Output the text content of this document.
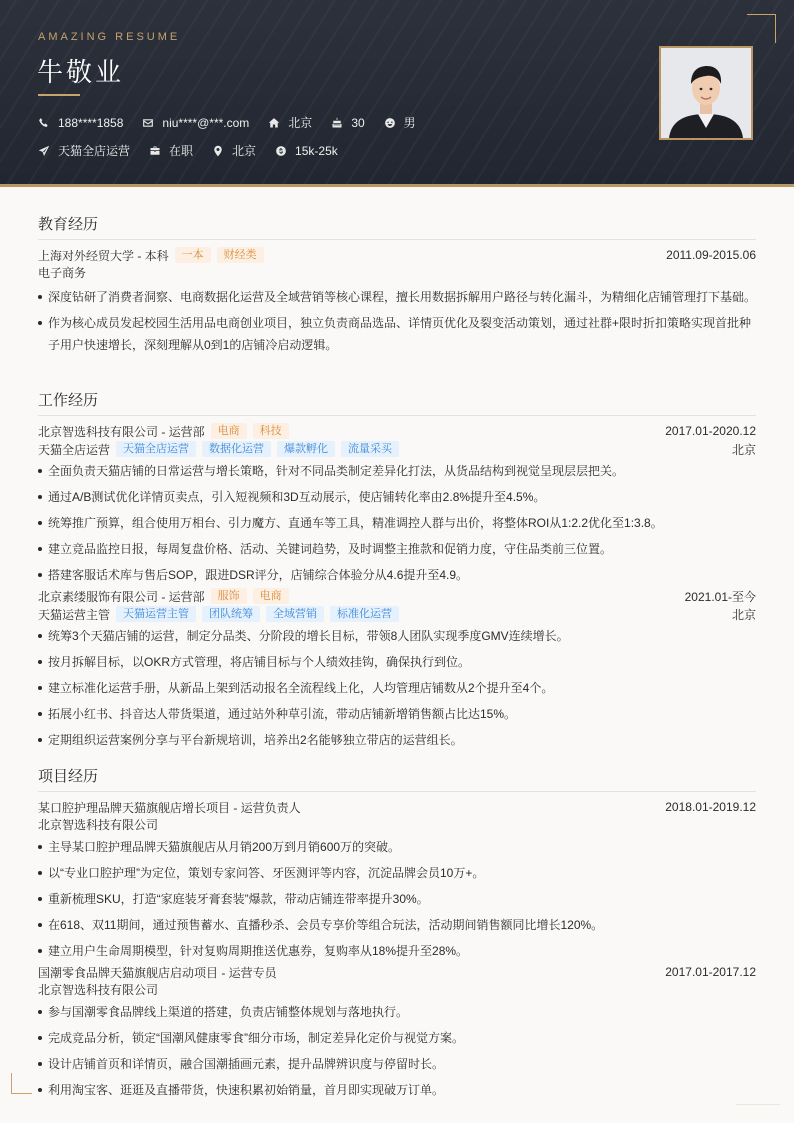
AMAZING RESUME
牛敬业
188****1858	niu****@***.com	北京	30	男
天猫全店运营	在职	北京	15k-25k
教育经历
上海对外经贸大学 - 本科	一本	财经类	2011.09-2015.06
电子商务
深度钻研了消费者洞察、电商数据化运营及全域营销等核心课程，擅长用数据拆解用户路径与转化漏斗，为精细化店铺管理打下基础。
作为核心成员发起校园生活用品电商创业项目，独立负责商品选品、详情页优化及裂变活动策划，通过社群+限时折扣策略实现首批种子用户快速增长，深刻理解从0到1的店铺冷启动逻辑。
工作经历
北京智选科技有限公司 - 运营部	电商	科技	2017.01-2020.12
天猫全店运营	天猫全店运营	数据化运营	爆款孵化	流量采买	北京
全面负责天猫店铺的日常运营与增长策略，针对不同品类制定差异化打法，从货品结构到视觉呈现层层把关。
通过A/B测试优化详情页卖点，引入短视频和3D互动展示，使店铺转化率由2.8%提升至4.5%。
统筹推广预算，组合使用万相台、引力魔方、直通车等工具，精准调控人群与出价，将整体ROI从1:2.2优化至1:3.8。
建立竞品监控日报，每周复盘价格、活动、关键词趋势，及时调整主推款和促销力度，守住品类前三位置。
搭建客服话术库与售后SOP，跟进DSR评分，店铺综合体验分从4.6提升至4.9。
北京素缕服饰有限公司 - 运营部	服饰	电商	2021.01-至今
天猫运营主管	天猫运营主管	团队统筹	全域营销	标准化运营	北京
统筹3个天猫店铺的运营，制定分品类、分阶段的增长目标，带领8人团队实现季度GMV连续增长。
按月拆解目标，以OKR方式管理，将店铺目标与个人绩效挂钩，确保执行到位。
建立标准化运营手册，从新品上架到活动报名全流程线上化，人均管理店铺数从2个提升至4个。
拓展小红书、抖音达人带货渠道，通过站外种草引流，带动店铺新增销售额占比达15%。
定期组织运营案例分享与平台新规培训，培养出2名能够独立带店的运营组长。
项目经历
某口腔护理品牌天猫旗舰店增长项目 - 运营负责人	2018.01-2019.12
北京智选科技有限公司
主导某口腔护理品牌天猫旗舰店从月销200万到月销600万的突破。
以“专业口腔护理”为定位，策划专家问答、牙医测评等内容，沉淀品牌会员10万+。
重新梳理SKU，打造“家庭装牙膏套装”爆款，带动店铺连带率提升30%。
在618、双11期间，通过预售蓄水、直播秒杀、会员专享价等组合玩法，活动期间销售额同比增长120%。
建立用户生命周期模型，针对复购周期推送优惠券，复购率从18%提升至28%。
国潮零食品牌天猫旗舰店启动项目 - 运营专员	2017.01-2017.12
北京智选科技有限公司
参与国潮零食品牌线上渠道的搭建，负责店铺整体规划与落地执行。
完成竞品分析，锁定“国潮风健康零食”细分市场，制定差异化定价与视觉方案。
设计店铺首页和详情页，融合国潮插画元素，提升品牌辨识度与停留时长。
利用淘宝客、逛逛及直播带货，快速积累初始销量，首月即实现破万订单。
